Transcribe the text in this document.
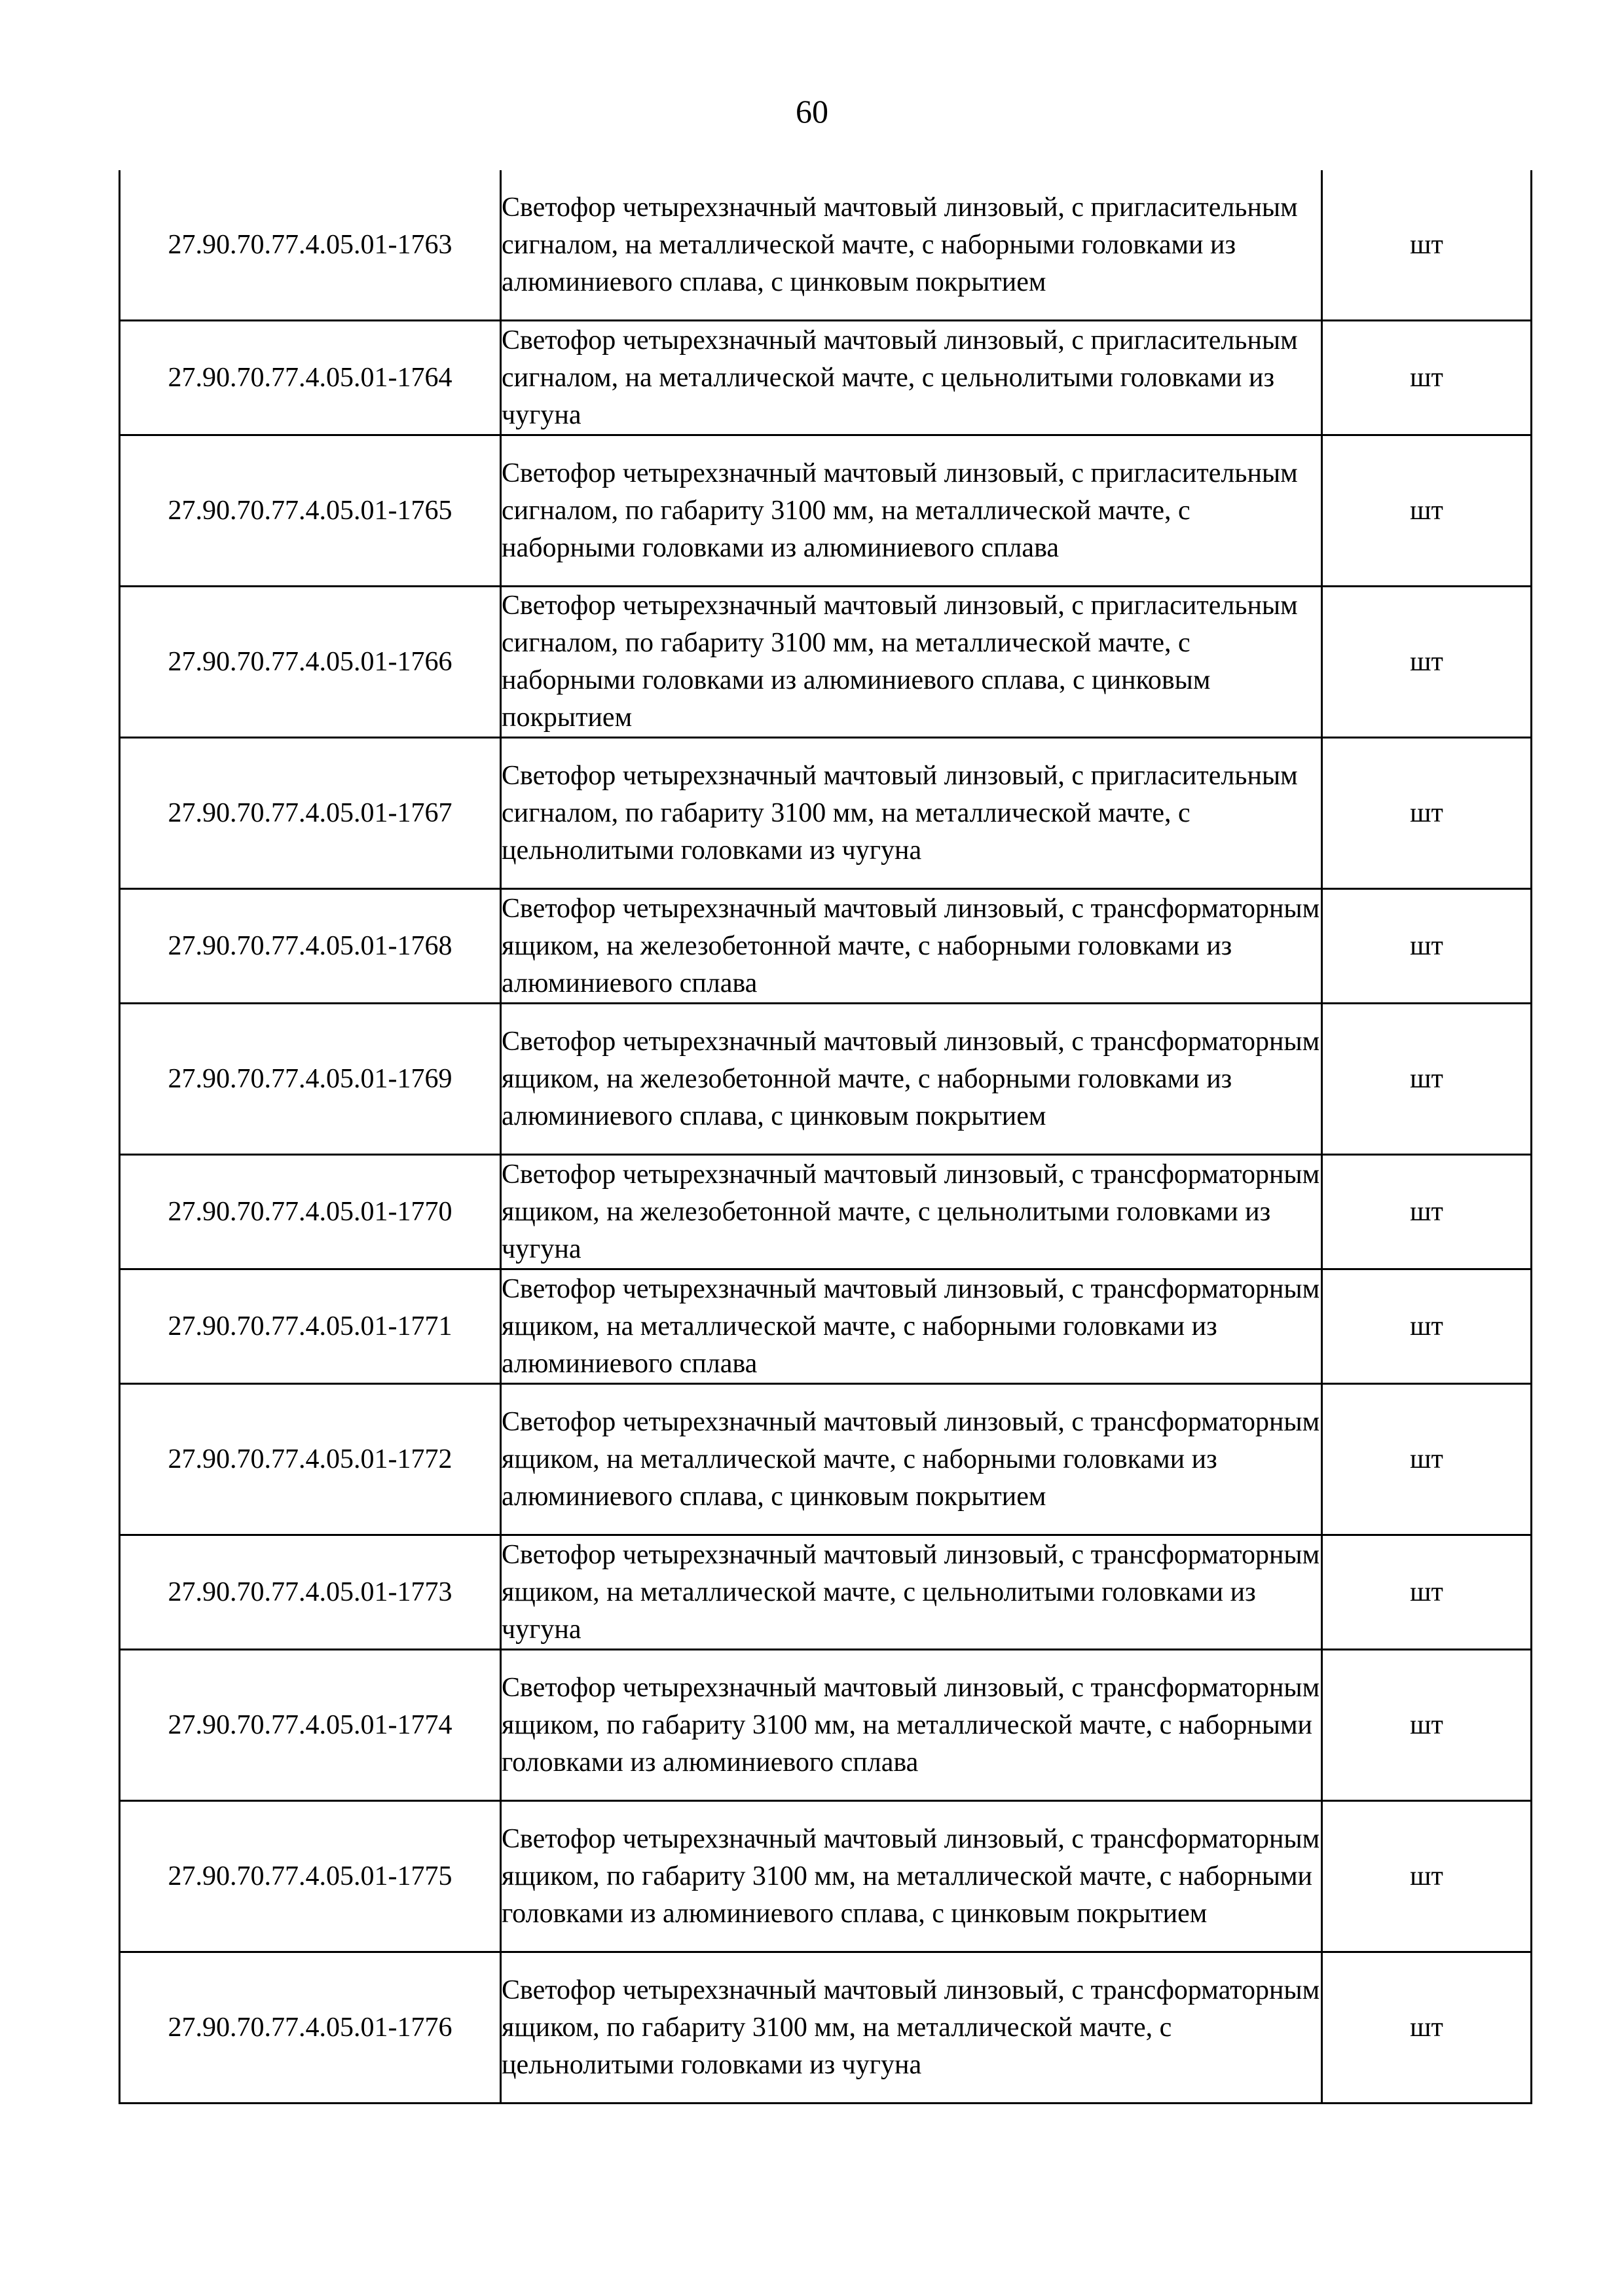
60
27.90.70.77.4.05.01-1763	Светофор четырехзначный мачтовый линзовый, с пригласительным сигналом, на металлической мачте, с наборными головками из алюминиевого сплава, с цинковым покрытием	шт
27.90.70.77.4.05.01-1764	Светофор четырехзначный мачтовый линзовый, с пригласительным сигналом, на металлической мачте, с цельнолитыми головками из чугуна	шт
27.90.70.77.4.05.01-1765	Светофор четырехзначный мачтовый линзовый, с пригласительным сигналом, по габариту 3100 мм, на металлической мачте, с наборными головками из алюминиевого сплава	шт
27.90.70.77.4.05.01-1766	Светофор четырехзначный мачтовый линзовый, с пригласительным сигналом, по габариту 3100 мм, на металлической мачте, с наборными головками из алюминиевого сплава, с цинковым покрытием	шт
27.90.70.77.4.05.01-1767	Светофор четырехзначный мачтовый линзовый, с пригласительным сигналом, по габариту 3100 мм, на металлической мачте, с цельнолитыми головками из чугуна	шт
27.90.70.77.4.05.01-1768	Светофор четырехзначный мачтовый линзовый, с трансформаторным ящиком, на железобетонной мачте, с наборными головками из алюминиевого сплава	шт
27.90.70.77.4.05.01-1769	Светофор четырехзначный мачтовый линзовый, с трансформаторным ящиком, на железобетонной мачте, с наборными головками из алюминиевого сплава, с цинковым покрытием	шт
27.90.70.77.4.05.01-1770	Светофор четырехзначный мачтовый линзовый, с трансформаторным ящиком, на железобетонной мачте, с цельнолитыми головками из чугуна	шт
27.90.70.77.4.05.01-1771	Светофор четырехзначный мачтовый линзовый, с трансформаторным ящиком, на металлической мачте, с наборными головками из алюминиевого сплава	шт
27.90.70.77.4.05.01-1772	Светофор четырехзначный мачтовый линзовый, с трансформаторным ящиком, на металлической мачте, с наборными головками из алюминиевого сплава, с цинковым покрытием	шт
27.90.70.77.4.05.01-1773	Светофор четырехзначный мачтовый линзовый, с трансформаторным ящиком, на металлической мачте, с цельнолитыми головками из чугуна	шт
27.90.70.77.4.05.01-1774	Светофор четырехзначный мачтовый линзовый, с трансформаторным ящиком, по габариту 3100 мм, на металлической мачте, с наборными головками из алюминиевого сплава	шт
27.90.70.77.4.05.01-1775	Светофор четырехзначный мачтовый линзовый, с трансформаторным ящиком, по габариту 3100 мм, на металлической мачте, с наборными головками из алюминиевого сплава, с цинковым покрытием	шт
27.90.70.77.4.05.01-1776	Светофор четырехзначный мачтовый линзовый, с трансформаторным ящиком, по габариту 3100 мм, на металлической мачте, с цельнолитыми головками из чугуна	шт
